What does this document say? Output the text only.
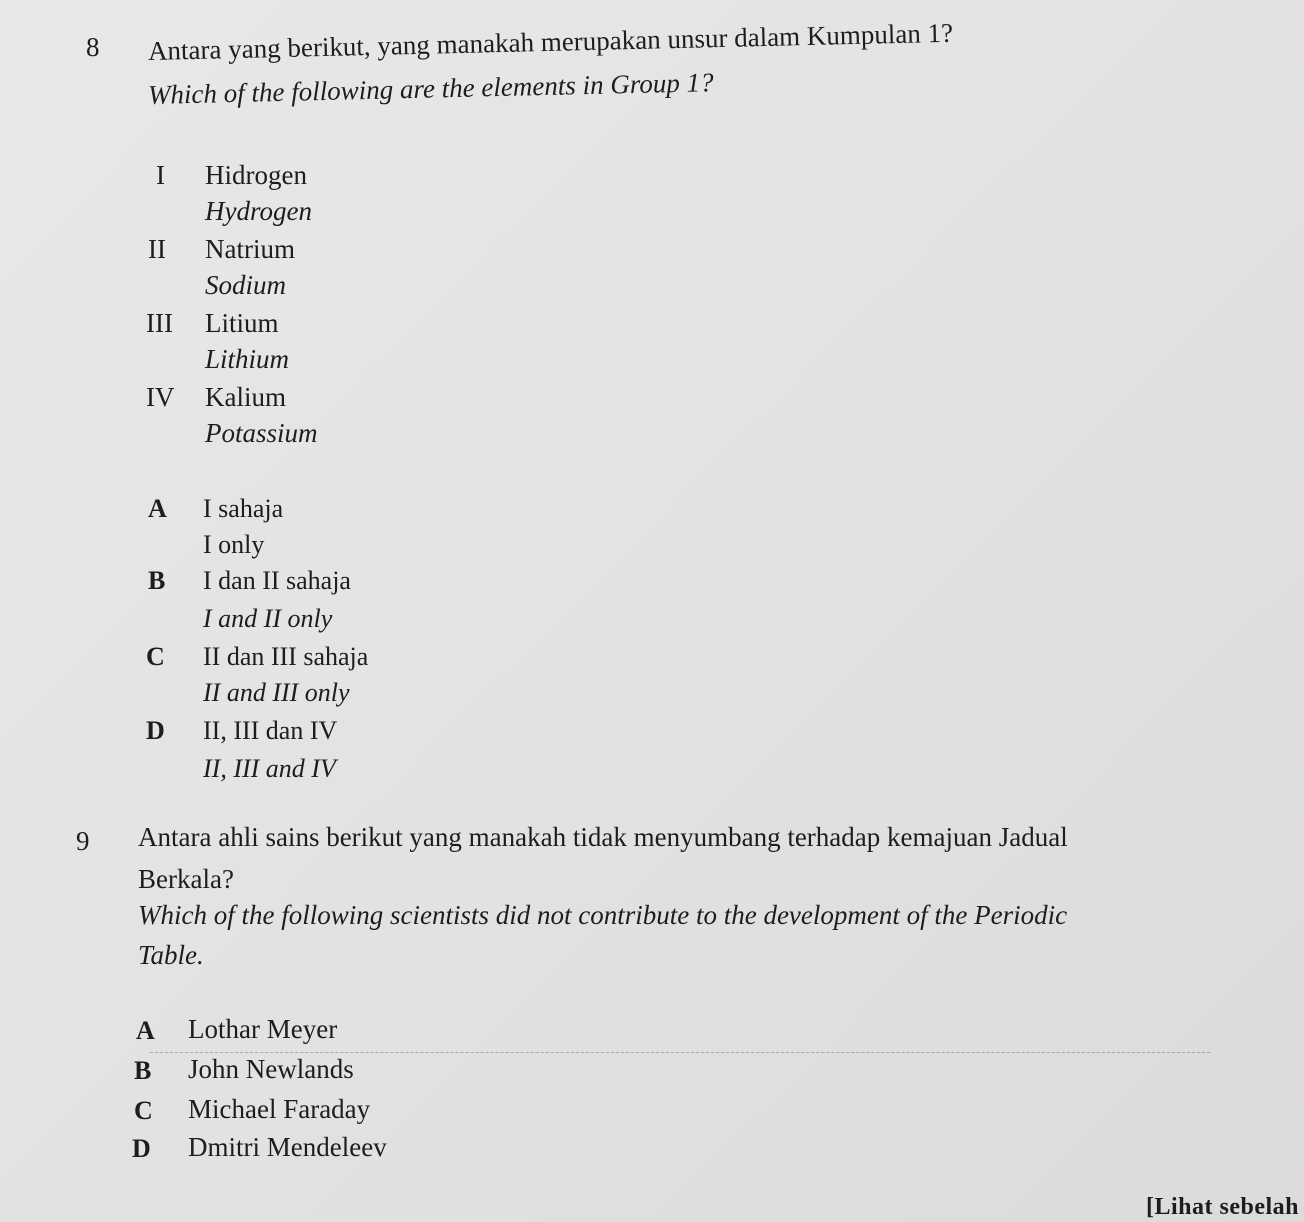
8 Antara yang berikut, yang manakah merupakan unsur dalam Kumpulan 1?
Which of the following are the elements in Group 1?
I Hidrogen
Hydrogen
II Natrium
Sodium
III Litium
Lithium
IV Kalium
Potassium
A I sahaja
I only
B I dan II sahaja
I and II only
C II dan III sahaja
II and III only
D II, III dan IV
II, III and IV
9 Antara ahli sains berikut yang manakah tidak menyumbang terhadap kemajuan Jadual
Berkala?
Which of the following scientists did not contribute to the development of the Periodic
Table.
A Lothar Meyer
B John Newlands
C Michael Faraday
D Dmitri Mendeleev
[Lihat sebelah
